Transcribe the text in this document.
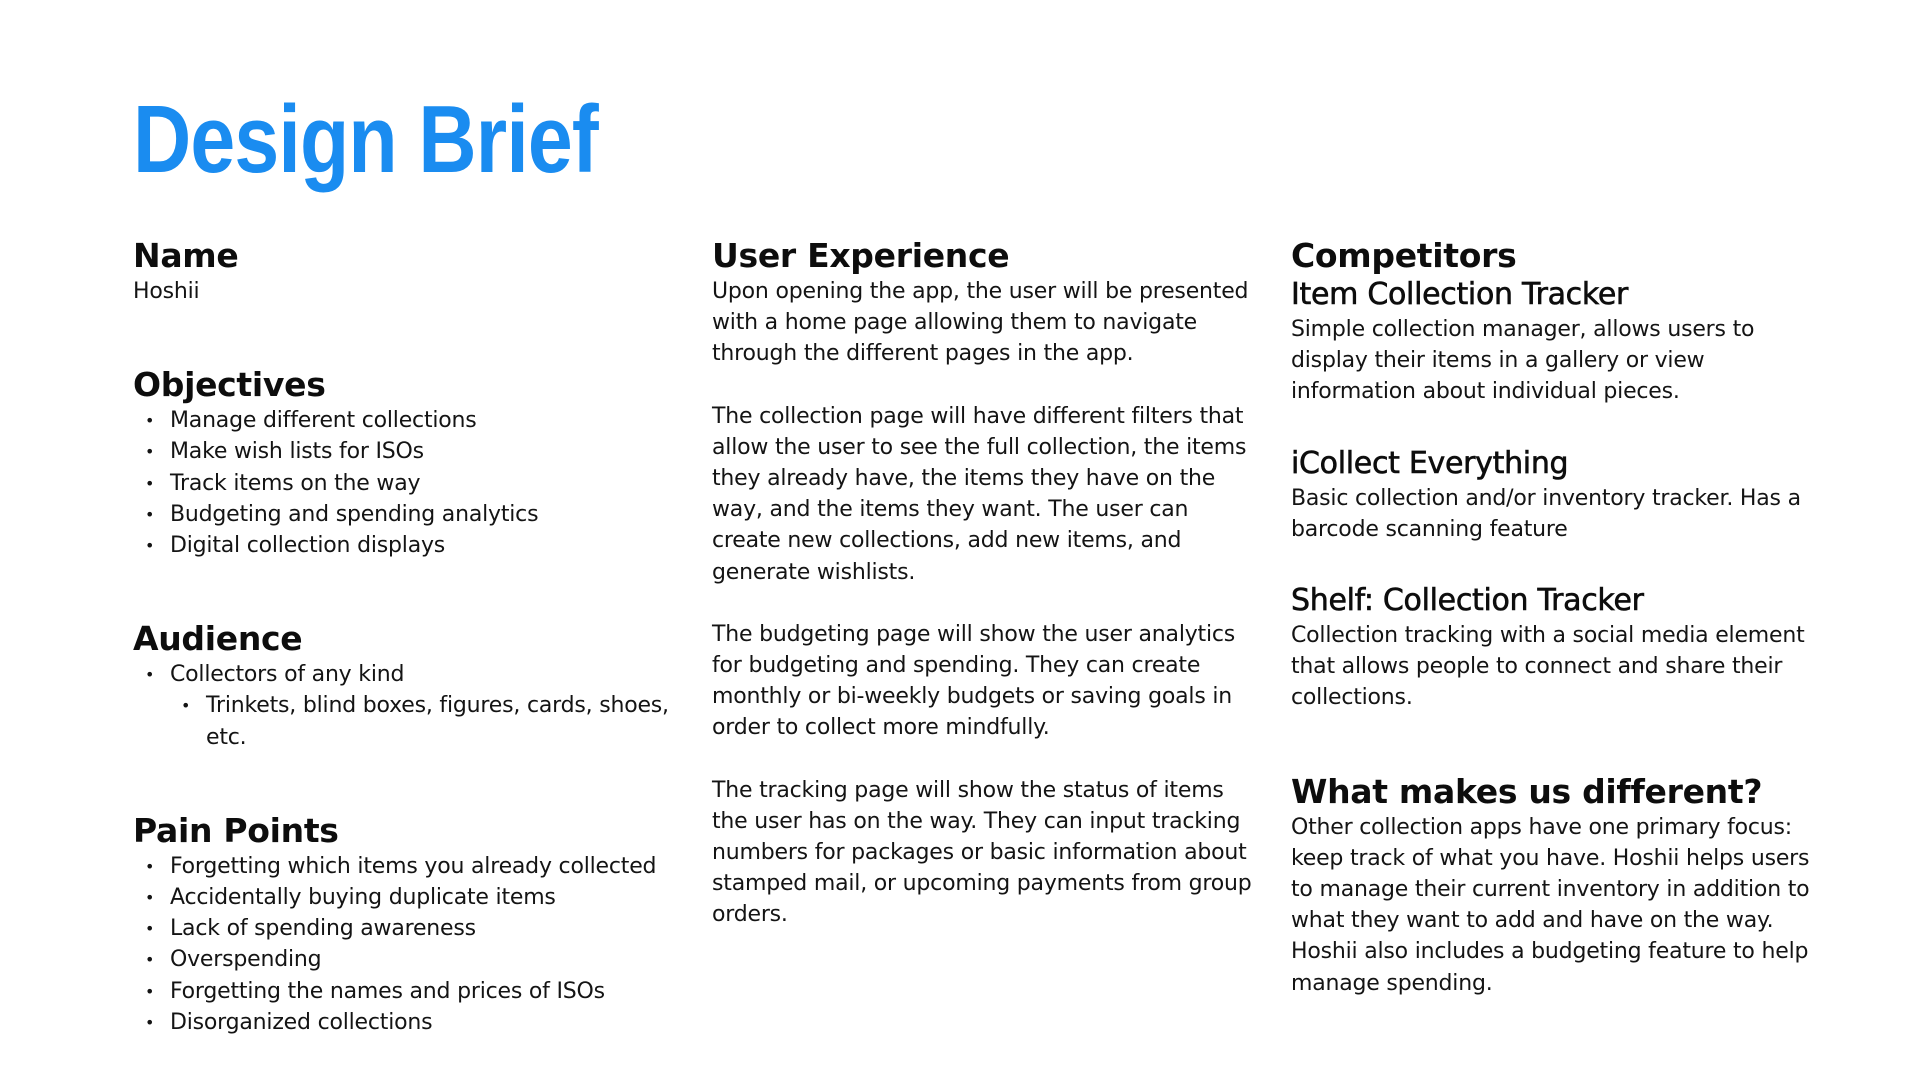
Design Brief
Name

Hoshii

Objectives
• Manage different collections
• Make wish lists for ISOs
• Track items on the way
• Budgeting and spending analytics
• Digital collection displays
Audience
• Collectors of any kind
• Trinkets, blind boxes, figures, cards, shoes, etc.
Pain Points
• Forgetting which items you already collected
• Accidentally buying duplicate items
• Lack of spending awareness
• Overspending
• Forgetting the names and prices of ISOs
• Disorganized collections
User Experience

Upon opening the app, the user will be presented with a home page allowing them to navigate through the different pages in the app.

The collection page will have different filters that allow the user to see the full collection, the items they already have, the items they have on the way, and the items they want. The user can create new collections, add new items, and generate wishlists.

The budgeting page will show the user analytics for budgeting and spending. They can create monthly or bi-weekly budgets or saving goals in order to collect more mindfully.

The tracking page will show the status of items the user has on the way. They can input tracking numbers for packages or basic information about stamped mail, or upcoming payments from group orders.

Competitors
Item Collection Tracker

Simple collection manager, allows users to display their items in a gallery or view information about individual pieces.

iCollect Everything

Basic collection and/or inventory tracker. Has a barcode scanning feature

Shelf: Collection Tracker

Collection tracking with a social media element that allows people to connect and share their collections.

What makes us different?

Other collection apps have one primary focus: keep track of what you have. Hoshii helps users to manage their current inventory in addition to what they want to add and have on the way. Hoshii also includes a budgeting feature to help manage spending.
